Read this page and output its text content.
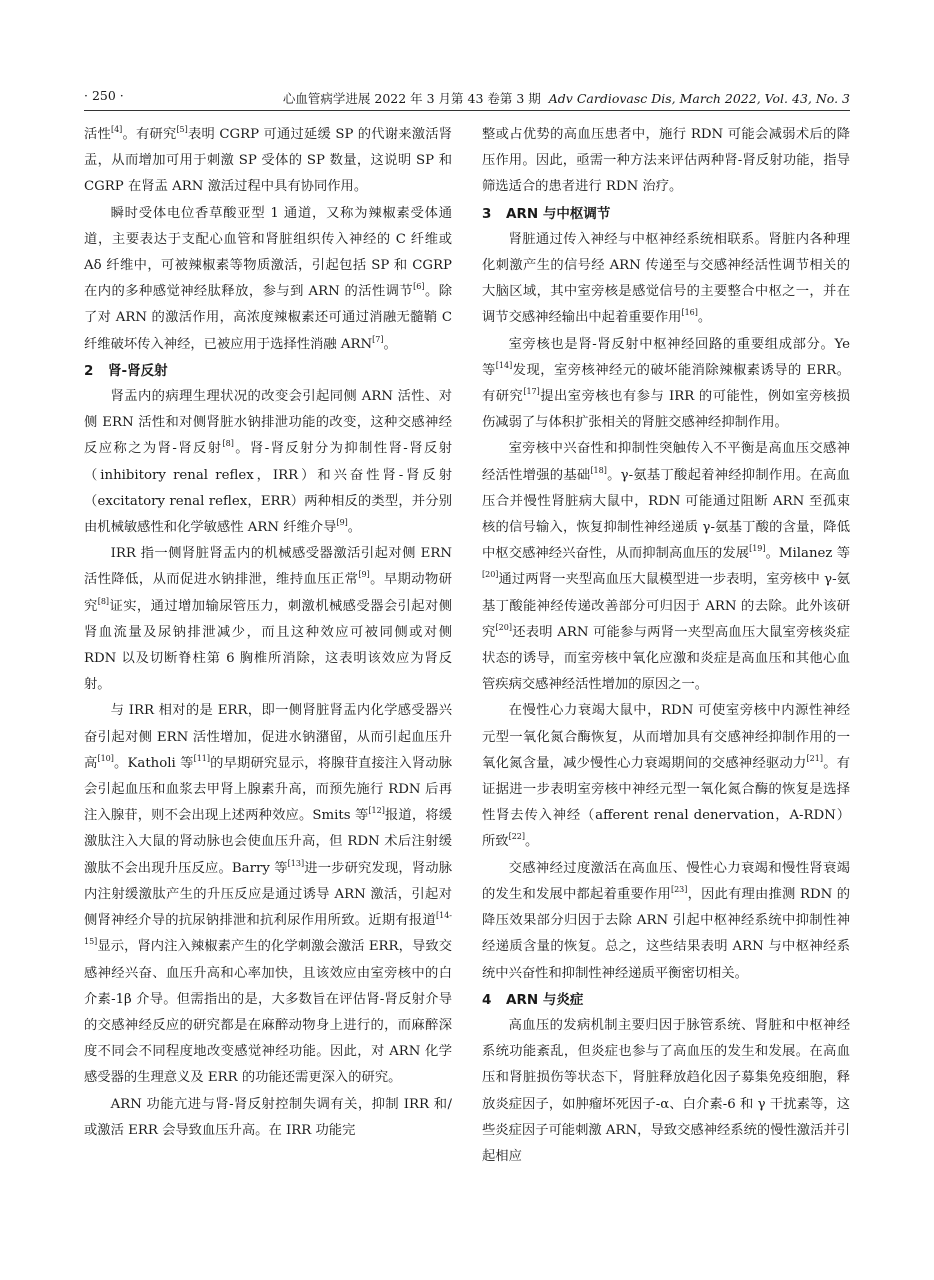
· 250 ·	心血管病学进展 2022 年 3 月第 43 卷第 3 期 Adv Cardiovasc Dis, March 2022, Vol. 43, No. 3

活性[4]。有研究[5]表明 CGRP 可通过延缓 SP 的代谢来激活肾盂，从而增加可用于刺激 SP 受体的 SP 数量，这说明 SP 和 CGRP 在肾盂 ARN 激活过程中具有协同作用。

瞬时受体电位香草酸亚型 1 通道，又称为辣椒素受体通道，主要表达于支配心血管和肾脏组织传入神经的 C 纤维或 Aδ 纤维中，可被辣椒素等物质激活，引起包括 SP 和 CGRP 在内的多种感觉神经肽释放，参与到 ARN 的活性调节[6]。除了对 ARN 的激活作用，高浓度辣椒素还可通过消融无髓鞘 C 纤维破坏传入神经，已被应用于选择性消融 ARN[7]。

2 肾-肾反射

肾盂内的病理生理状况的改变会引起同侧 ARN 活性、对侧 ERN 活性和对侧肾脏水钠排泄功能的改变，这种交感神经反应称之为肾-肾反射[8]。肾-肾反射分为抑制性肾-肾反射（inhibitory renal reflex，IRR）和兴奋性肾-肾反射（excitatory renal reflex，ERR）两种相反的类型，并分别由机械敏感性和化学敏感性 ARN 纤维介导[9]。

IRR 指一侧肾脏肾盂内的机械感受器激活引起对侧 ERN 活性降低，从而促进水钠排泄，维持血压正常[9]。早期动物研究[8]证实，通过增加输尿管压力，刺激机械感受器会引起对侧肾血流量及尿钠排泄减少，而且这种效应可被同侧或对侧 RDN 以及切断脊柱第 6 胸椎所消除，这表明该效应为肾反射。

与 IRR 相对的是 ERR，即一侧肾脏肾盂内化学感受器兴奋引起对侧 ERN 活性增加，促进水钠潴留，从而引起血压升高[10]。Katholi 等[11]的早期研究显示，将腺苷直接注入肾动脉会引起血压和血浆去甲肾上腺素升高，而预先施行 RDN 后再注入腺苷，则不会出现上述两种效应。Smits 等[12]报道，将缓激肽注入大鼠的肾动脉也会使血压升高，但 RDN 术后注射缓激肽不会出现升压反应。Barry 等[13]进一步研究发现，肾动脉内注射缓激肽产生的升压反应是通过诱导 ARN 激活，引起对侧肾神经介导的抗尿钠排泄和抗利尿作用所致。近期有报道[14-15]显示，肾内注入辣椒素产生的化学刺激会激活 ERR，导致交感神经兴奋、血压升高和心率加快，且该效应由室旁核中的白介素-1β 介导。但需指出的是，大多数旨在评估肾-肾反射介导的交感神经反应的研究都是在麻醉动物身上进行的，而麻醉深度不同会不同程度地改变感觉神经功能。因此，对 ARN 化学感受器的生理意义及 ERR 的功能还需更深入的研究。

ARN 功能亢进与肾-肾反射控制失调有关，抑制 IRR 和/或激活 ERR 会导致血压升高。在 IRR 功能完

整或占优势的高血压患者中，施行 RDN 可能会减弱术后的降压作用。因此，亟需一种方法来评估两种肾-肾反射功能，指导筛选适合的患者进行 RDN 治疗。

3 ARN 与中枢调节

肾脏通过传入神经与中枢神经系统相联系。肾脏内各种理化刺激产生的信号经 ARN 传递至与交感神经活性调节相关的大脑区域，其中室旁核是感觉信号的主要整合中枢之一，并在调节交感神经输出中起着重要作用[16]。

室旁核也是肾-肾反射中枢神经回路的重要组成部分。Ye 等[14]发现，室旁核神经元的破坏能消除辣椒素诱导的 ERR。有研究[17]提出室旁核也有参与 IRR 的可能性，例如室旁核损伤减弱了与体积扩张相关的肾脏交感神经抑制作用。

室旁核中兴奋性和抑制性突触传入不平衡是高血压交感神经活性增强的基础[18]。γ-氨基丁酸起着神经抑制作用。在高血压合并慢性肾脏病大鼠中，RDN 可能通过阻断 ARN 至孤束核的信号输入，恢复抑制性神经递质 γ-氨基丁酸的含量，降低中枢交感神经兴奋性，从而抑制高血压的发展[19]。Milanez 等[20]通过两肾一夹型高血压大鼠模型进一步表明，室旁核中 γ-氨基丁酸能神经传递改善部分可归因于 ARN 的去除。此外该研究[20]还表明 ARN 可能参与两肾一夹型高血压大鼠室旁核炎症状态的诱导，而室旁核中氧化应激和炎症是高血压和其他心血管疾病交感神经活性增加的原因之一。

在慢性心力衰竭大鼠中，RDN 可使室旁核中内源性神经元型一氧化氮合酶恢复，从而增加具有交感神经抑制作用的一氧化氮含量，减少慢性心力衰竭期间的交感神经驱动力[21]。有证据进一步表明室旁核中神经元型一氧化氮合酶的恢复是选择性肾去传入神经（afferent renal denervation，A-RDN）所致[22]。

交感神经过度激活在高血压、慢性心力衰竭和慢性肾衰竭的发生和发展中都起着重要作用[23]，因此有理由推测 RDN 的降压效果部分归因于去除 ARN 引起中枢神经系统中抑制性神经递质含量的恢复。总之，这些结果表明 ARN 与中枢神经系统中兴奋性和抑制性神经递质平衡密切相关。

4 ARN 与炎症

高血压的发病机制主要归因于脉管系统、肾脏和中枢神经系统功能紊乱，但炎症也参与了高血压的发生和发展。在高血压和肾脏损伤等状态下，肾脏释放趋化因子募集免疫细胞，释放炎症因子，如肿瘤坏死因子-α、白介素-6 和 γ 干扰素等，这些炎症因子可能刺激 ARN，导致交感神经系统的慢性激活并引起相应
